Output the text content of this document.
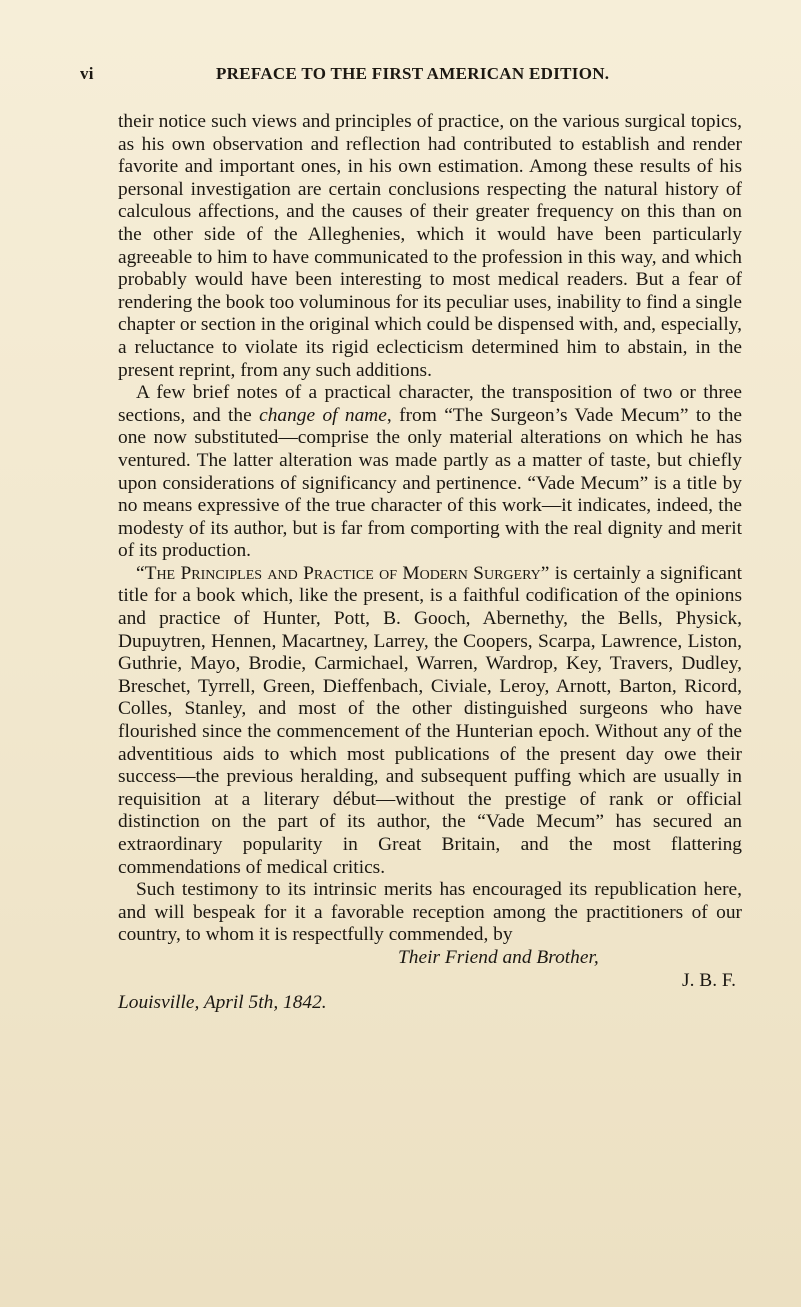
vi	PREFACE TO THE FIRST AMERICAN EDITION.

their notice such views and principles of practice, on the various surgical topics, as his own observation and reflection had contributed to establish and render favorite and important ones, in his own estimation. Among these results of his personal investigation are certain conclusions respecting the natural history of calculous affections, and the causes of their greater frequency on this than on the other side of the Alleghenies, which it would have been particularly agreeable to him to have communicated to the profession in this way, and which probably would have been interesting to most medical readers. But a fear of rendering the book too voluminous for its peculiar uses, inability to find a single chapter or section in the original which could be dispensed with, and, especially, a reluctance to violate its rigid eclecticism determined him to abstain, in the present reprint, from any such additions.

A few brief notes of a practical character, the transposition of two or three sections, and the change of name, from “The Surgeon’s Vade Mecum” to the one now substituted—comprise the only material alterations on which he has ventured. The latter alteration was made partly as a matter of taste, but chiefly upon considerations of significancy and pertinence. “Vade Mecum” is a title by no means expressive of the true character of this work—it indicates, indeed, the modesty of its author, but is far from comporting with the real dignity and merit of its production.

“The Principles and Practice of Modern Surgery” is certainly a significant title for a book which, like the present, is a faithful codification of the opinions and practice of Hunter, Pott, B. Gooch, Abernethy, the Bells, Physick, Dupuytren, Hennen, Macartney, Larrey, the Coopers, Scarpa, Lawrence, Liston, Guthrie, Mayo, Brodie, Carmichael, Warren, Wardrop, Key, Travers, Dudley, Breschet, Tyrrell, Green, Dieffenbach, Civiale, Leroy, Arnott, Barton, Ricord, Colles, Stanley, and most of the other distinguished surgeons who have flourished since the commencement of the Hunterian epoch. Without any of the adventitious aids to which most publications of the present day owe their success—the previous heralding, and subsequent puffing which are usually in requisition at a literary début—without the prestige of rank or official distinction on the part of its author, the “Vade Mecum” has secured an extraordinary popularity in Great Britain, and the most flattering commendations of medical critics.

Such testimony to its intrinsic merits has encouraged its republication here, and will bespeak for it a favorable reception among the practitioners of our country, to whom it is respectfully commended, by

Their Friend and Brother,

J. B. F.

Louisville, April 5th, 1842.
